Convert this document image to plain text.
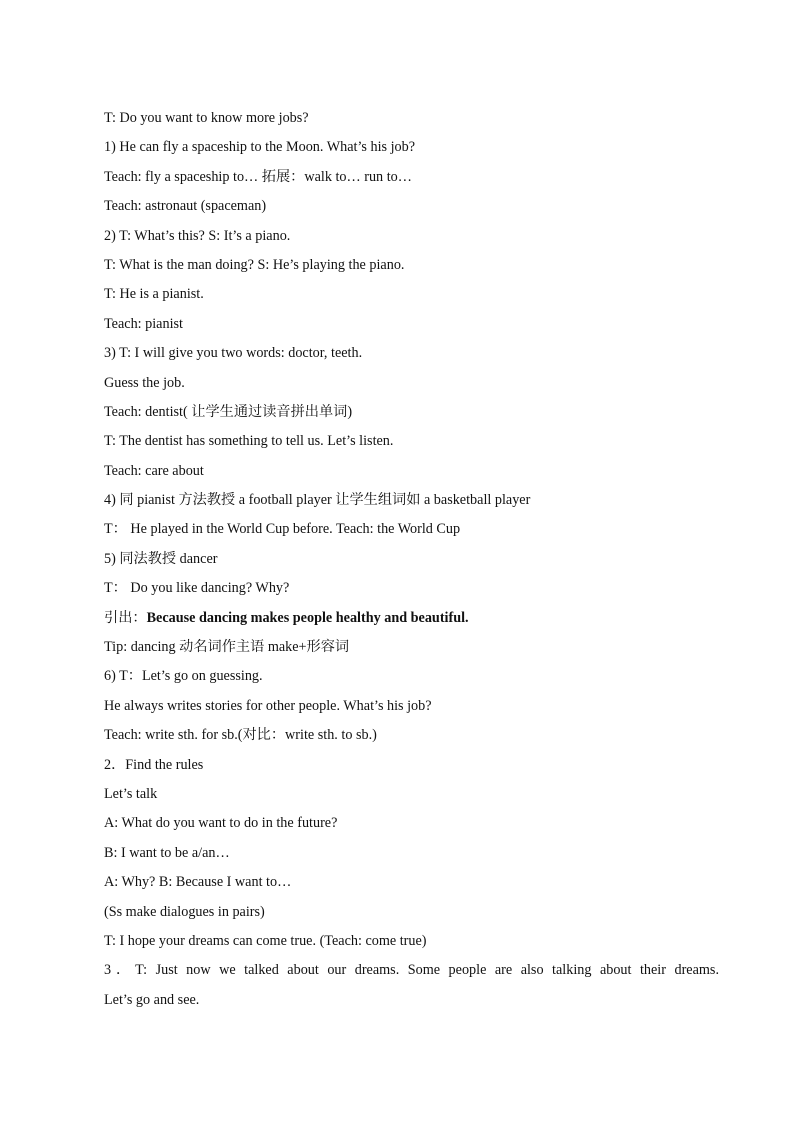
T: Do you want to know more jobs?
1) He can fly a spaceship to the Moon. What’s his job?
Teach: fly a spaceship to… 拓展：walk to… run to…
Teach: astronaut (spaceman)
2) T: What’s this? S: It’s a piano.
T: What is the man doing? S: He’s playing the piano.
T: He is a pianist.
Teach: pianist
3) T: I will give you two words: doctor, teeth.
Guess the job.
Teach: dentist( 让学生通过读音拼出单词)
T: The dentist has something to tell us. Let’s listen.
Teach: care about
4) 同 pianist 方法教授 a football player 让学生组词如 a basketball player
T： He played in the World Cup before. Teach: the World Cup
5) 同法教授 dancer
T： Do you like dancing? Why?
引出：Because dancing makes people healthy and beautiful.
Tip: dancing 动名词作主语 make+形容词
6) T：Let’s go on guessing.
He always writes stories for other people. What’s his job?
Teach: write sth. for sb.(对比：write sth. to sb.)
2．Find the rules
Let’s talk
A: What do you want to do in the future?
B: I want to be a/an…
A: Why? B: Because I want to…
(Ss make dialogues in pairs)
T: I hope your dreams can come true. (Teach: come true)
3．T: Just now we talked about our dreams. Some people are also talking about their dreams.
Let’s go and see.
